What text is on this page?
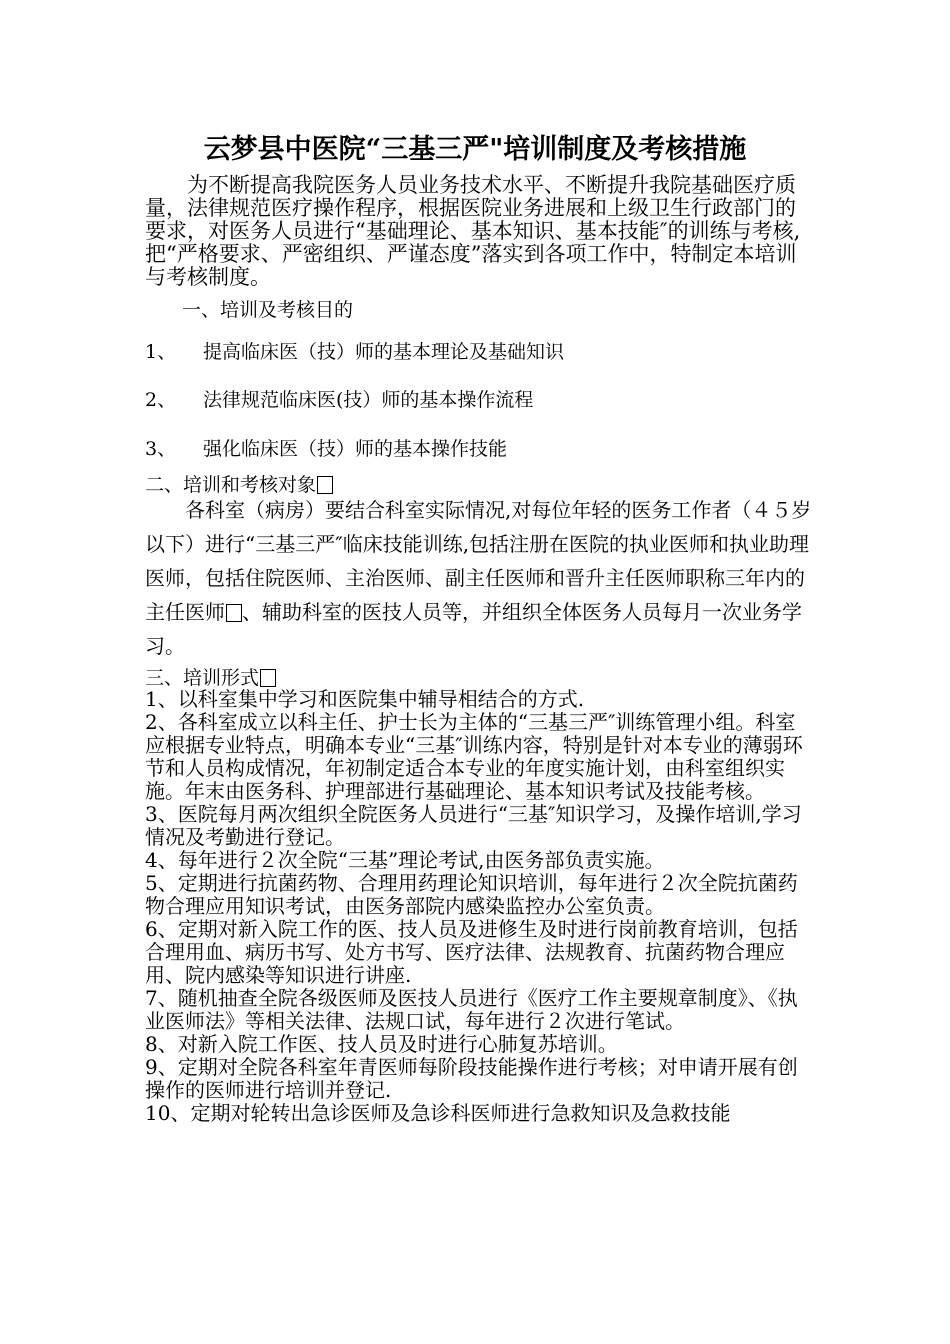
云梦县中医院“三基三严"培训制度及考核措施

为不断提高我院医务人员业务技术水平、不断提升我院基础医疗质量，法律规范医疗操作程序，根据医院业务进展和上级卫生行政部门的要求，对医务人员进行“基础理论、基本知识、基本技能″的训练与考核,把“严格要求、严密组织、严谨态度”落实到各项工作中，特制定本培训与考核制度。

一、培训及考核目的
1、 提高临床医（技）师的基本理论及基础知识
2、 法律规范临床医(技）师的基本操作流程
3、 强化临床医（技）师的基本操作技能
二、培训和考核对象

各科室（病房）要结合科室实际情况,对每位年轻的医务工作者（４５岁以下）进行“三基三严″临床技能训练,包括注册在医院的执业医师和执业助理医师，包括住院医师、主治医师、副主任医师和晋升主任医师职称三年内的主任医师 、辅助科室的医技人员等，并组织全体医务人员每月一次业务学习。

三、培训形式

1、以科室集中学习和医院集中辅导相结合的方式.

2、各科室成立以科主任、护士长为主体的“三基三严″训练管理小组。科室应根据专业特点，明确本专业“三基″训练内容，特别是针对本专业的薄弱环节和人员构成情况，年初制定适合本专业的年度实施计划，由科室组织实施。年末由医务科、护理部进行基础理论、基本知识考试及技能考核。

3、医院每月两次组织全院医务人员进行“三基″知识学习，及操作培训,学习情况及考勤进行登记。

4、每年进行２次全院“三基”理论考试,由医务部负责实施。

5、定期进行抗菌药物、合理用药理论知识培训，每年进行２次全院抗菌药物合理应用知识考试，由医务部院内感染监控办公室负责。

6、定期对新入院工作的医、技人员及进修生及时进行岗前教育培训，包括合理用血、病历书写、处方书写、医疗法律、法规教育、抗菌药物合理应用、院内感染等知识进行讲座.

7、随机抽查全院各级医师及医技人员进行《医疗工作主要规章制度》、《执业医师法》等相关法律、法规口试，每年进行２次进行笔试。

8、对新入院工作医、技人员及时进行心肺复苏培训。

9、定期对全院各科室年青医师每阶段技能操作进行考核；对申请开展有创操作的医师进行培训并登记.

10、定期对轮转出急诊医师及急诊科医师进行急救知识及急救技能
